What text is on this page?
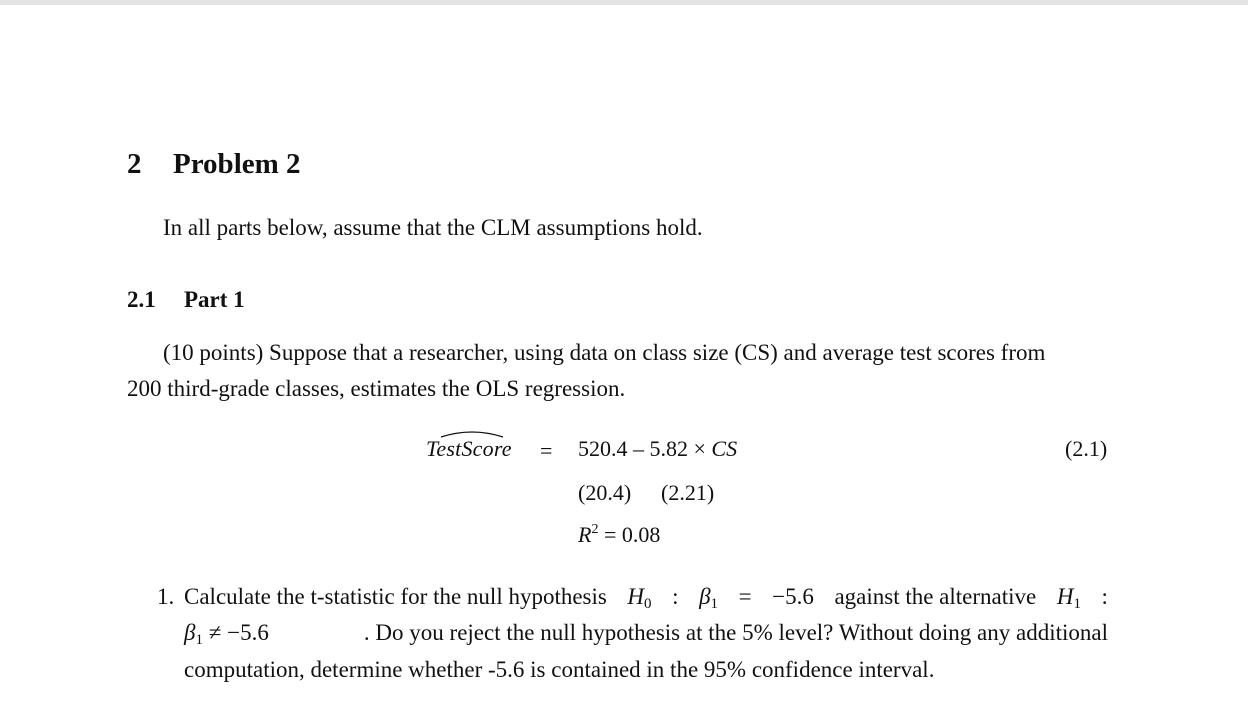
2 Problem 2
In all parts below, assume that the CLM assumptions hold.
2.1 Part 1
(10 points) Suppose that a researcher, using data on class size (CS) and average test scores from
200 third-grade classes, estimates the OLS regression.
TestScore = 520.4 – 5.82 × CS	(2.1)
(20.4) (2.21)
$R^2 = 0.08$
1. Calculate the t-statistic for the null hypothesis $H_0$ : $\beta_1 = -5.6$ against the alternative $H_1$ :
$\beta_1 \ne -5.6$	. Do you reject the null hypothesis at the 5% level? Without doing any additional
computation, determine whether -5.6 is contained in the 95% confidence interval.
